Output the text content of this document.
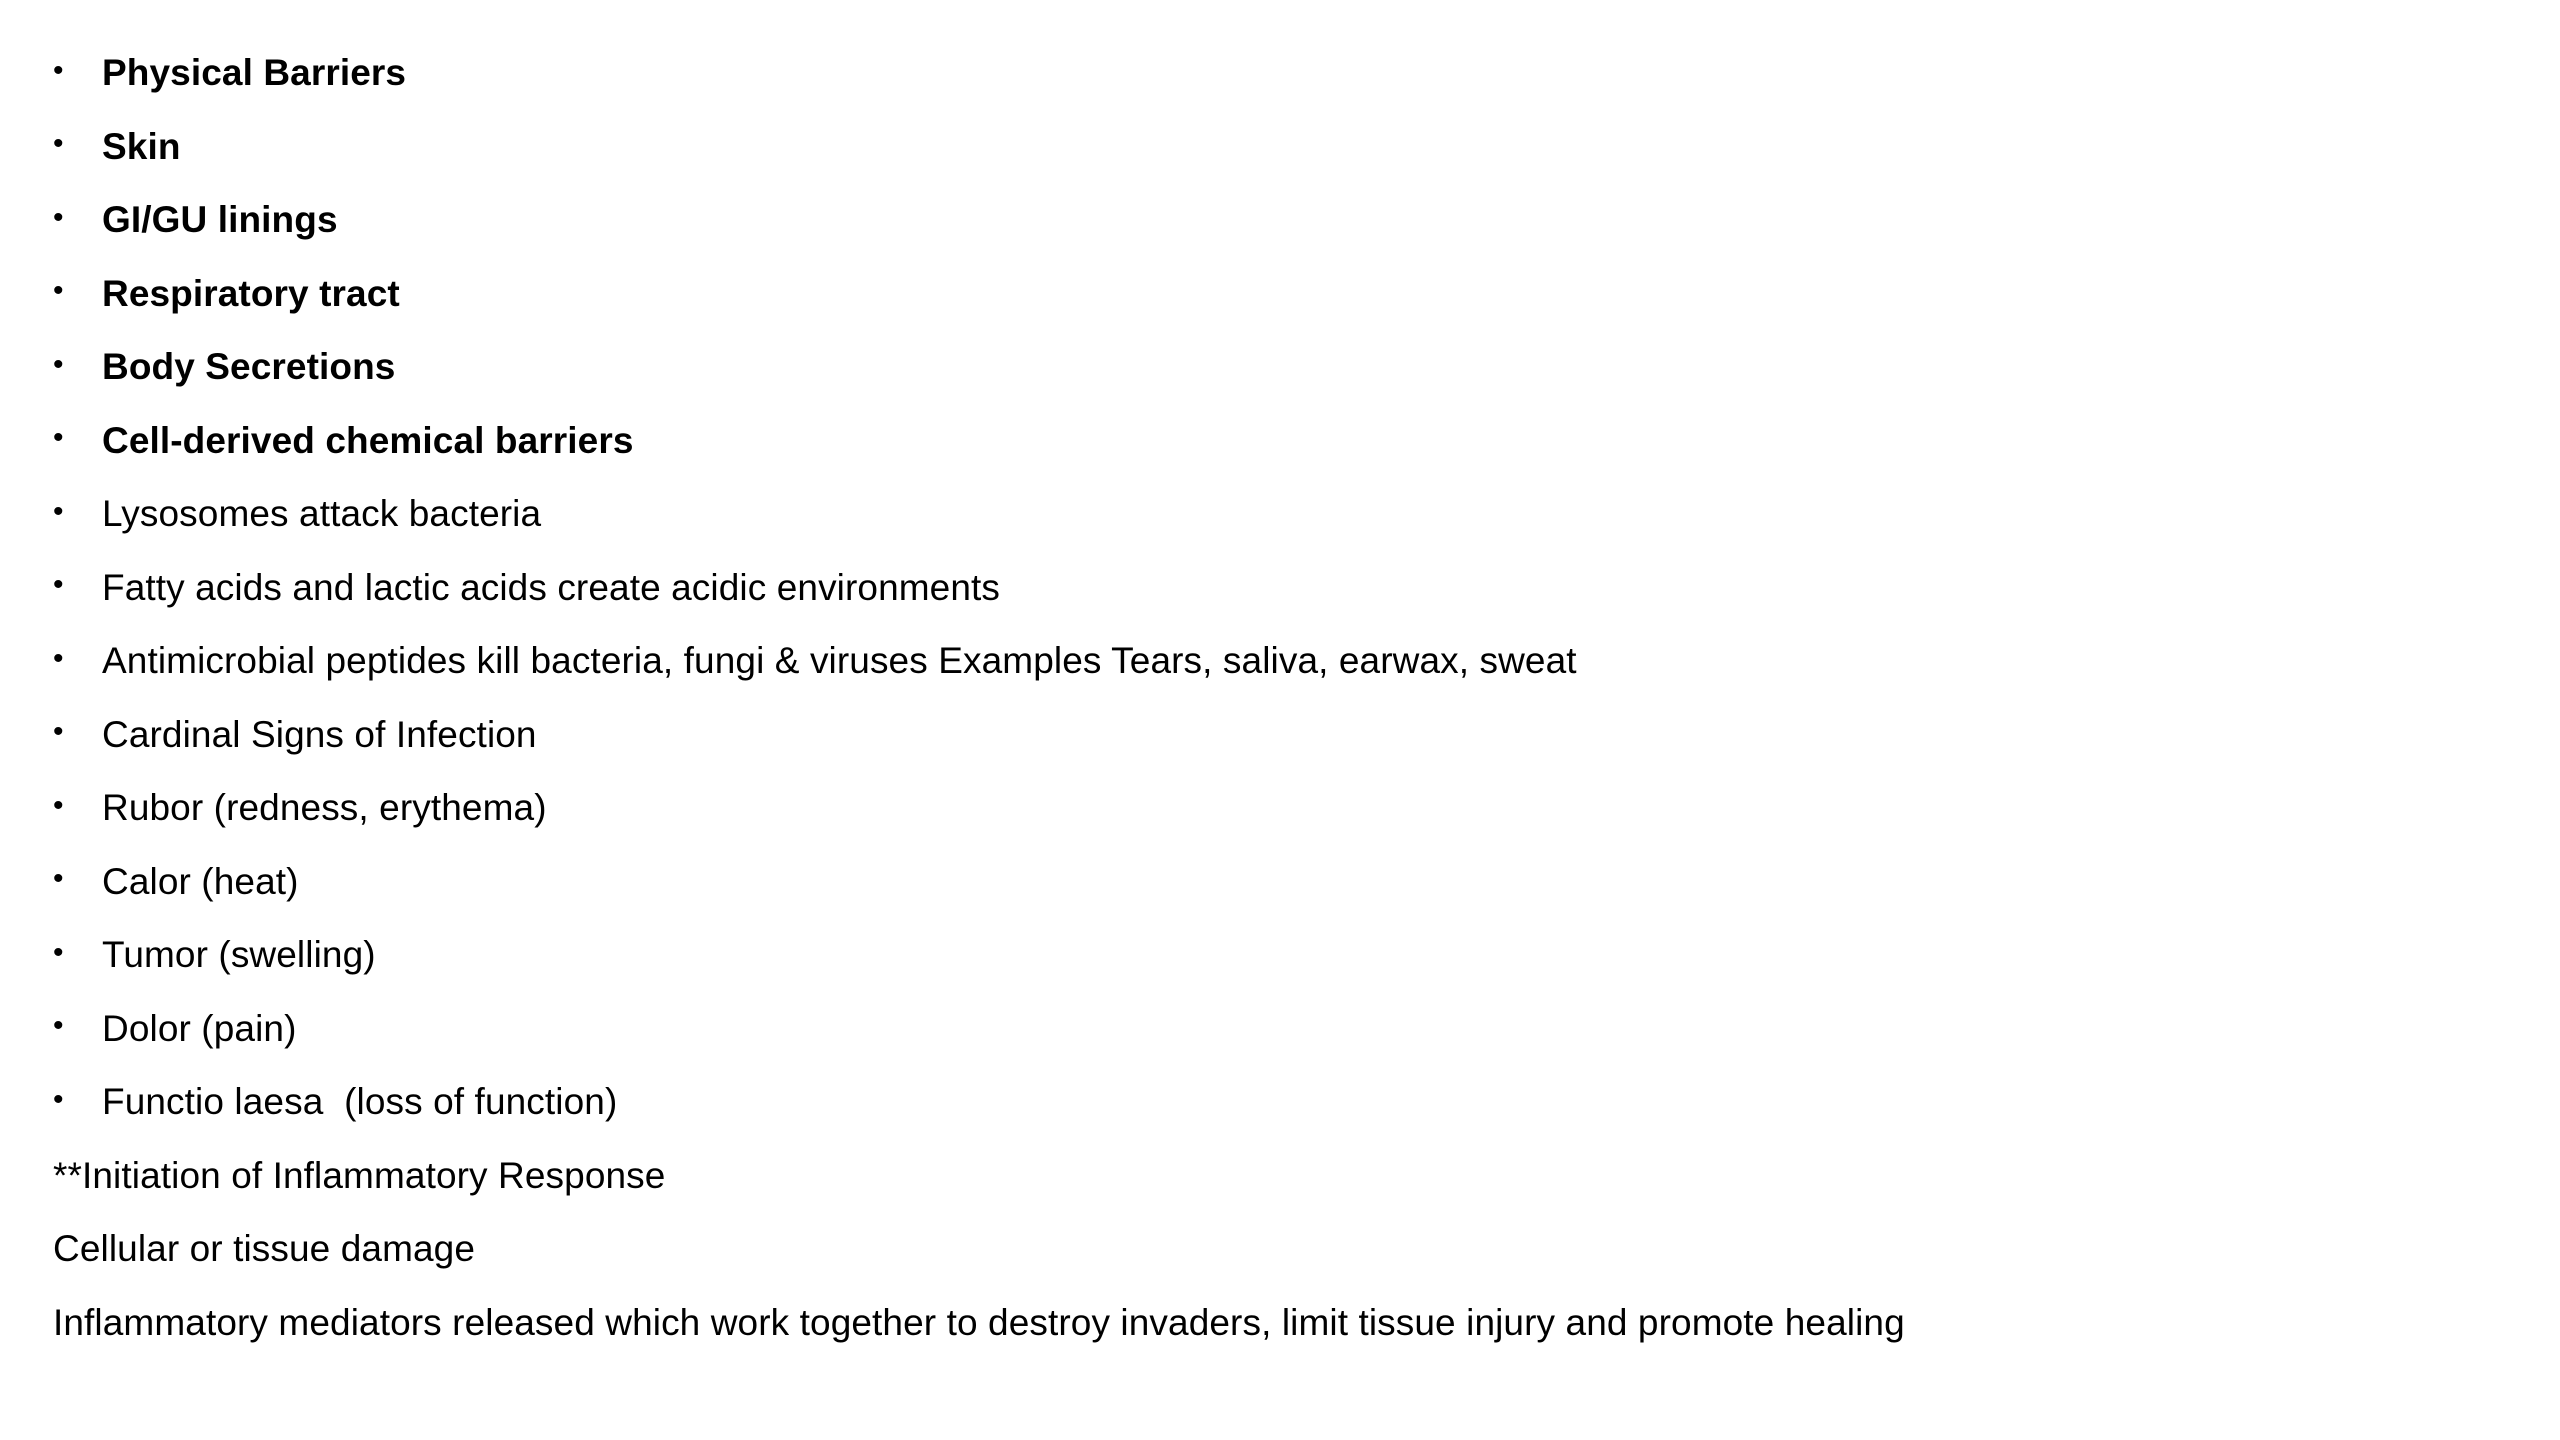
•	Physical Barriers
•	Skin
•	GI/GU linings
•	Respiratory tract
•	Body Secretions
•	Cell-derived chemical barriers
•	Lysosomes attack bacteria
•	Fatty acids and lactic acids create acidic environments
•	Antimicrobial peptides kill bacteria, fungi & viruses Examples Tears, saliva, earwax, sweat
•	Cardinal Signs of Infection
•	Rubor (redness, erythema)
•	Calor (heat)
•	Tumor (swelling)
•	Dolor (pain)
•	Functio laesa  (loss of function)
**Initiation of Inflammatory Response
Cellular or tissue damage
Inflammatory mediators released which work together to destroy invaders, limit tissue injury and promote healing
